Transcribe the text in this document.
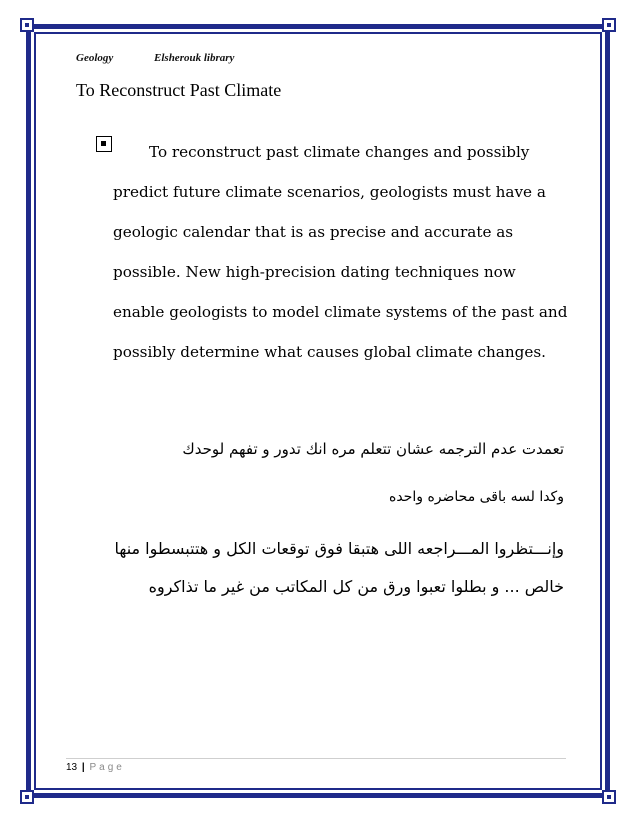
Geology	Elsherouk library
To Reconstruct Past Climate
To reconstruct past climate changes and possibly
predict future climate scenarios, geologists must have a
geologic calendar that is as precise and accurate as
possible. New high-precision dating techniques now
enable geologists to model climate systems of the past and
possibly determine what causes global climate changes.
تعمدت عدم الترجمه عشان تتعلم مره انك تدور و تفهم لوحدك
وكدا لسه باقى محاضره واحده
وإنـــتظروا المـــراجعه اللى هتبقا فوق توقعات الكل و هتتبسطوا منها
خالص ... و بطلوا تعبوا ورق من كل المكاتب من غير ما تذاكروه
13 | Page
